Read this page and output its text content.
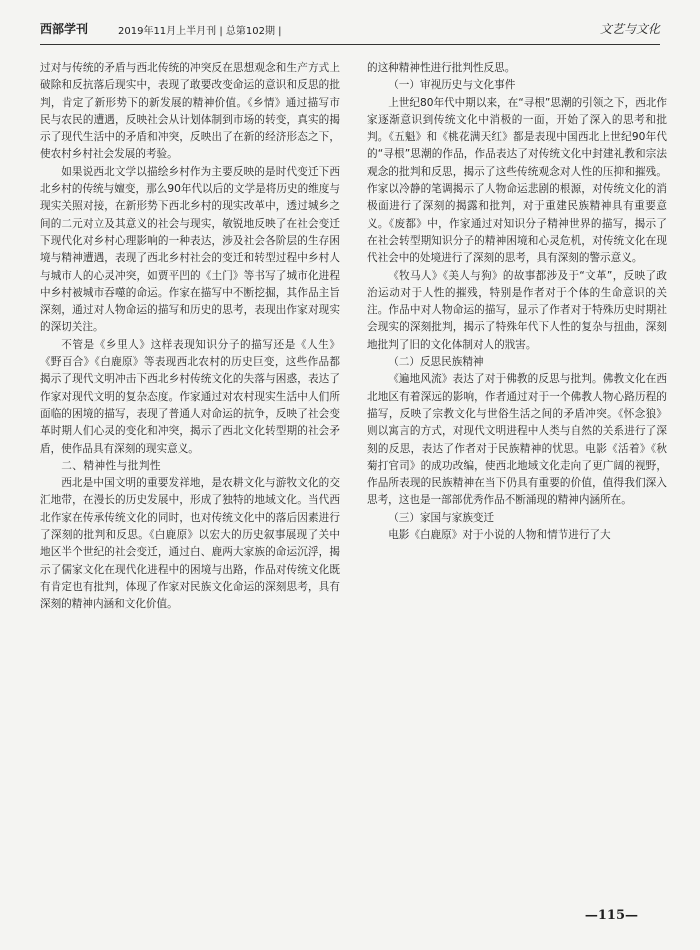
西部学刊	2019年11月上半月刊 | 总第102期 |	文艺与文化

过对与传统的矛盾与西北传统的冲突反在思想观念和生产方式上破除和反抗落后现实中，表现了敢要改变命运的意识和反思的批判，肯定了新形势下的新发展的精神价值。《乡情》通过描写市民与农民的遭遇，反映社会从计划体制到市场的转变，真实的揭示了现代生活中的矛盾和冲突，反映出了在新的经济形态之下，使农村乡村社会发展的考验。

如果说西北文学以描绘乡村作为主要反映的是时代变迁下西北乡村的传统与嬗变，那么90年代以后的文学是将历史的维度与现实关照对接，在新形势下西北乡村的现实改革中，透过城乡之间的二元对立及其意义的社会与现实，敏锐地反映了在社会变迁下现代化对乡村心理影响的一种表达，涉及社会各阶层的生存困境与精神遭遇，表现了西北乡村社会的变迁和转型过程中乡村人与城市人的心灵冲突，如贾平凹的《土门》等书写了城市化进程中乡村被城市吞噬的命运。作家在描写中不断挖掘，其作品主旨深刻，通过对人物命运的描写和历史的思考，表现出作家对现实的深切关注。

不管是《乡里人》这样表现知识分子的描写还是《人生》《野百合》《白鹿原》等表现西北农村的历史巨变，这些作品都揭示了现代文明冲击下西北乡村传统文化的失落与困惑，表达了作家对现代文明的复杂态度。作家通过对农村现实生活中人们所面临的困境的描写，表现了普通人对命运的抗争，反映了社会变革时期人们心灵的变化和冲突，揭示了西北文化转型期的社会矛盾，使作品具有深刻的现实意义。

二、精神性与批判性

西北是中国文明的重要发祥地，是农耕文化与游牧文化的交汇地带，在漫长的历史发展中，形成了独特的地域文化。当代西北作家在传承传统文化的同时，也对传统文化中的落后因素进行了深刻的批判和反思。《白鹿原》以宏大的历史叙事展现了关中地区半个世纪的社会变迁，通过白、鹿两大家族的命运沉浮，揭示了儒家文化在现代化进程中的困境与出路，作品对传统文化既有肯定也有批判，体现了作家对民族文化命运的深刻思考，具有深刻的精神内涵和文化价值。

的这种精神性进行批判性反思。

（一）审视历史与文化事件

上世纪80年代中期以来，在“寻根”思潮的引领之下，西北作家逐渐意识到传统文化中消极的一面，开始了深入的思考和批判。《五魁》和《桃花满天红》都是表现中国西北上世纪90年代的“寻根”思潮的作品，作品表达了对传统文化中封建礼教和宗法观念的批判和反思，揭示了这些传统观念对人性的压抑和摧残。作家以冷静的笔调揭示了人物命运悲剧的根源，对传统文化的消极面进行了深刻的揭露和批判，对于重建民族精神具有重要意义。《废都》中，作家通过对知识分子精神世界的描写，揭示了在社会转型期知识分子的精神困境和心灵危机，对传统文化在现代社会中的处境进行了深刻的思考，具有深刻的警示意义。

《牧马人》《美人与狗》的故事都涉及于“文革”，反映了政治运动对于人性的摧残，特别是作者对于个体的生命意识的关注。作品中对人物命运的描写，显示了作者对于特殊历史时期社会现实的深刻批判，揭示了特殊年代下人性的复杂与扭曲，深刻地批判了旧的文化体制对人的戕害。

（二）反思民族精神

《遍地风流》表达了对于佛教的反思与批判。佛教文化在西北地区有着深远的影响，作者通过对于一个佛教人物心路历程的描写，反映了宗教文化与世俗生活之间的矛盾冲突。《怀念狼》则以寓言的方式，对现代文明进程中人类与自然的关系进行了深刻的反思，表达了作者对于民族精神的忧思。电影《活着》《秋菊打官司》的成功改编，使西北地域文化走向了更广阔的视野，作品所表现的民族精神在当下仍具有重要的价值，值得我们深入思考，这也是一部部优秀作品不断涌现的精神内涵所在。

（三）家国与家族变迁

电影《白鹿原》对于小说的人物和情节进行了大

—115—
